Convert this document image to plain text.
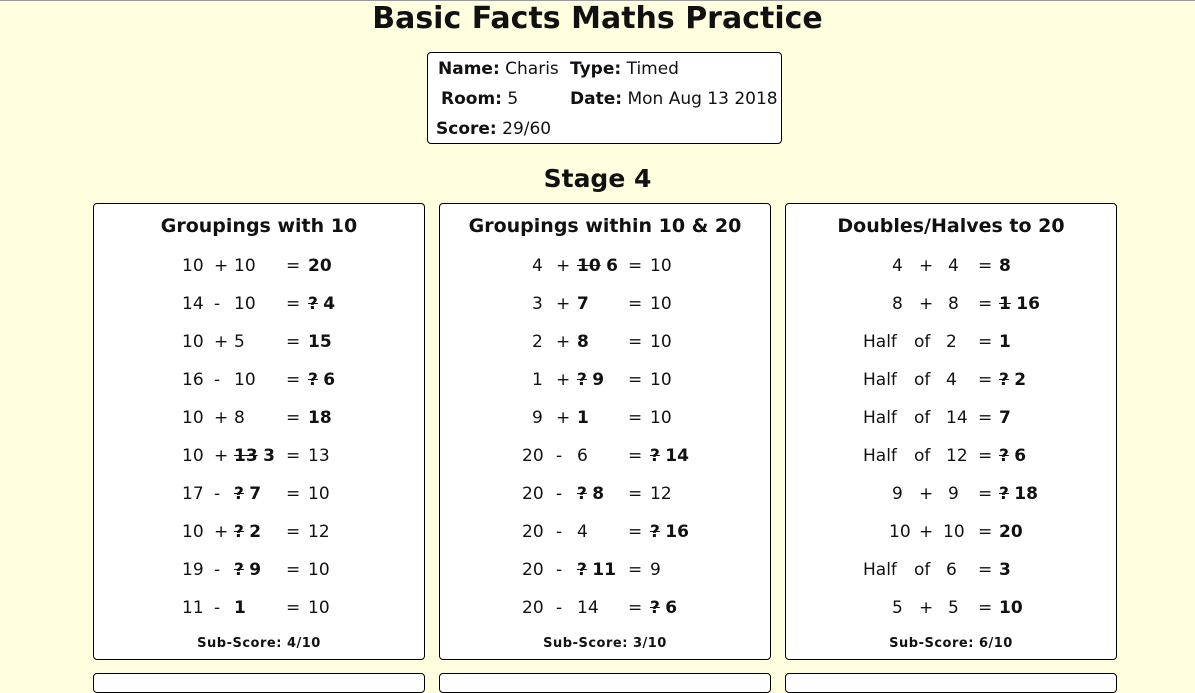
Basic Facts Maths Practice
Name: Charis Type: Timed
Room: 5	Date: Mon Aug 13 2018
Score: 29/60
Stage 4
Groupings with 10
10 + 10 = 20
14 - 10 = ? 4
10 + 5 = 15
16 - 10 = ? 6
10 + 8 = 18
10 + 13 3 = 13
17 - ? 7 = 10
10 + ? 2 = 12
19 - ? 9 = 10
11 - 1 = 10
Sub-Score: 4/10
Groupings within 10 & 20
4 + 10 6 = 10
3 + 7 = 10
2 + 8 = 10
1 + ? 9 = 10
9 + 1 = 10
20 - 6 = ? 14
20 - ? 8 = 12
20 - 4 = ? 16
20 - ? 11 = 9
20 - 14 = ? 6
Sub-Score: 3/10
Doubles/Halves to 20
4 + 4 = 8
8 + 8 = 1 16
Half of 2 = 1
Half of 4 = ? 2
Half of 14 = 7
Half of 12 = ? 6
9 + 9 = ? 18
10 + 10 = 20
Half of 6 = 3
5 + 5 = 10
Sub-Score: 6/10
